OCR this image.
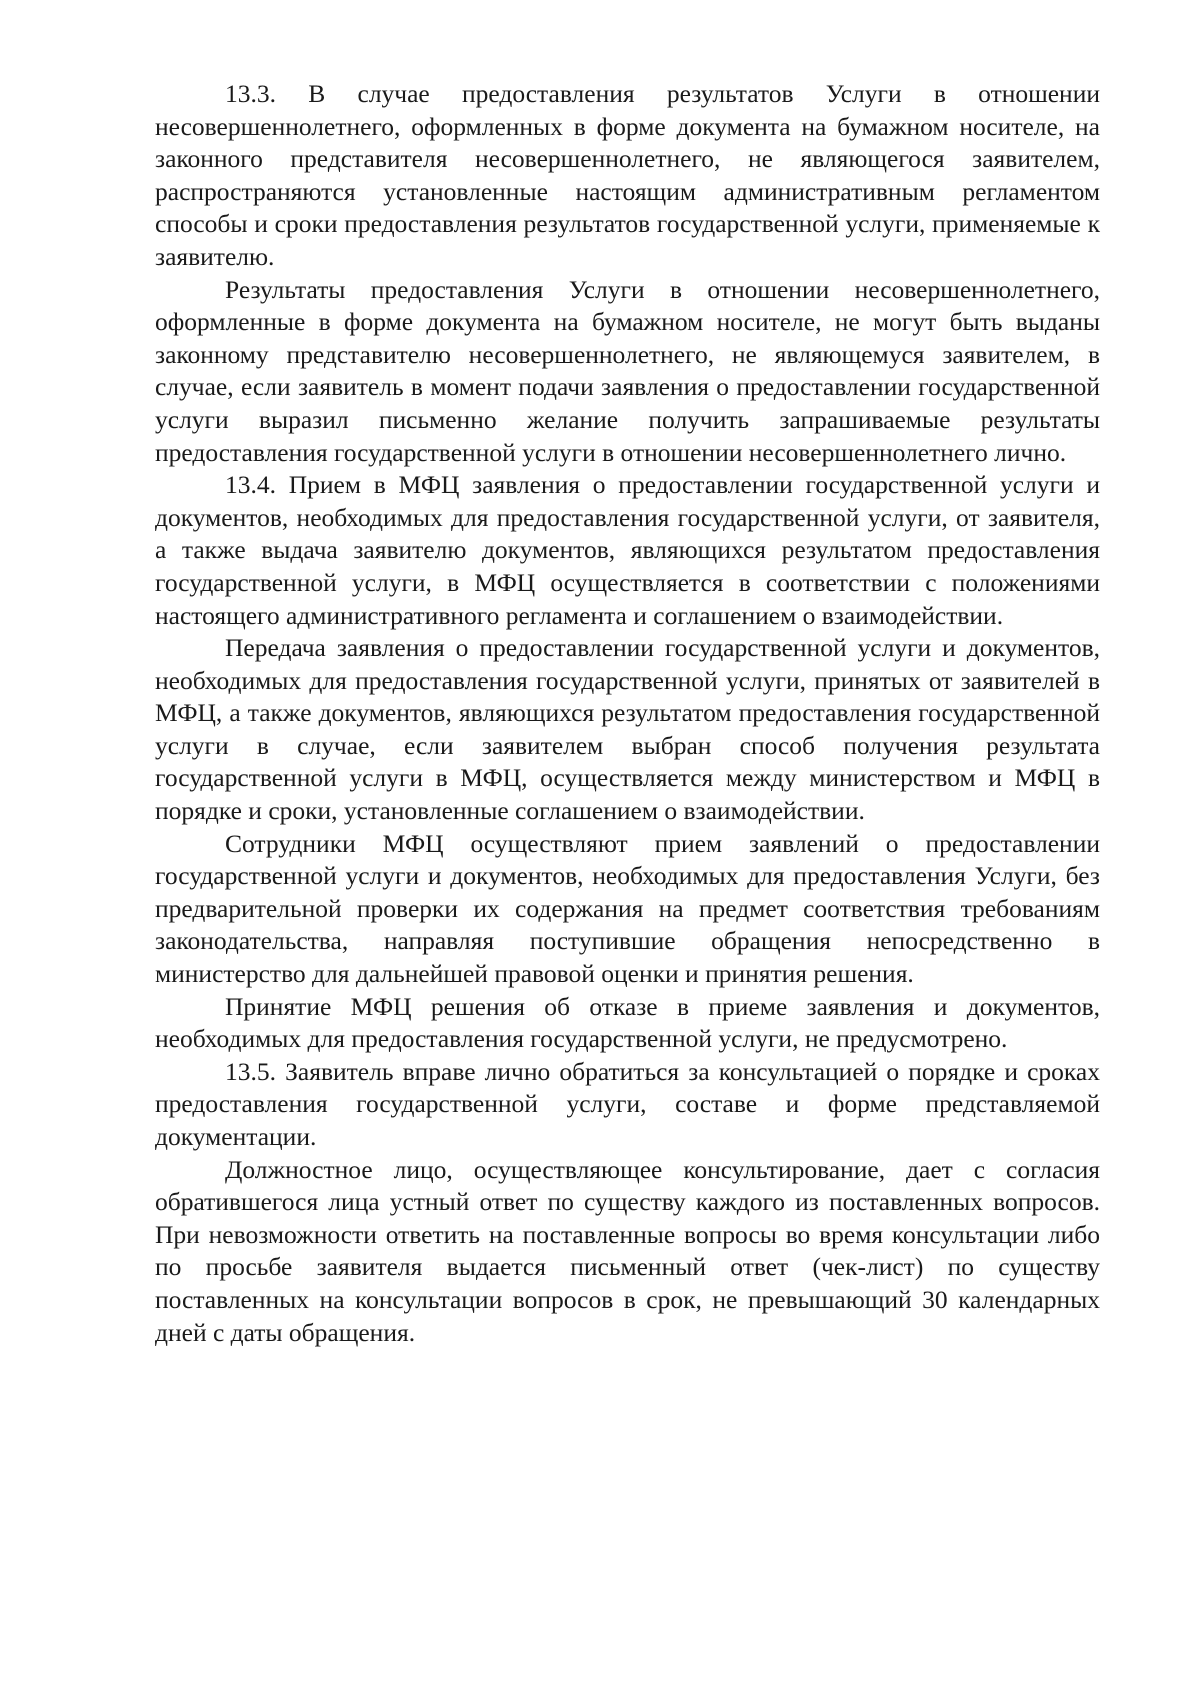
13.3. В случае предоставления результатов Услуги в отношении несовершеннолетнего, оформленных в форме документа на бумажном носителе, на законного представителя несовершеннолетнего, не являющегося заявителем, распространяются установленные настоящим административным регламентом способы и сроки предоставления результатов государственной услуги, применяемые к заявителю.

Результаты предоставления Услуги в отношении несовершеннолетнего, оформленные в форме документа на бумажном носителе, не могут быть выданы законному представителю несовершеннолетнего, не являющемуся заявителем, в случае, если заявитель в момент подачи заявления о предоставлении государственной услуги выразил письменно желание получить запрашиваемые результаты предоставления государственной услуги в отношении несовершеннолетнего лично.

13.4. Прием в МФЦ заявления о предоставлении государственной услуги и документов, необходимых для предоставления государственной услуги, от заявителя, а также выдача заявителю документов, являющихся результатом предоставления государственной услуги, в МФЦ осуществляется в соответствии с положениями настоящего административного регламента и соглашением о взаимодействии.

Передача заявления о предоставлении государственной услуги и документов, необходимых для предоставления государственной услуги, принятых от заявителей в МФЦ, а также документов, являющихся результатом предоставления государственной услуги в случае, если заявителем выбран способ получения результата государственной услуги в МФЦ, осуществляется между министерством и МФЦ в порядке и сроки, установленные соглашением о взаимодействии.

Сотрудники МФЦ осуществляют прием заявлений о предоставлении государственной услуги и документов, необходимых для предоставления Услуги, без предварительной проверки их содержания на предмет соответствия требованиям законодательства, направляя поступившие обращения непосредственно в министерство для дальнейшей правовой оценки и принятия решения.

Принятие МФЦ решения об отказе в приеме заявления и документов, необходимых для предоставления государственной услуги, не предусмотрено.

13.5. Заявитель вправе лично обратиться за консультацией о порядке и сроках предоставления государственной услуги, составе и форме представляемой документации.

Должностное лицо, осуществляющее консультирование, дает с согласия обратившегося лица устный ответ по существу каждого из поставленных вопросов. При невозможности ответить на поставленные вопросы во время консультации либо по просьбе заявителя выдается письменный ответ (чек-лист) по существу поставленных на консультации вопросов в срок, не превышающий 30 календарных дней с даты обращения.
